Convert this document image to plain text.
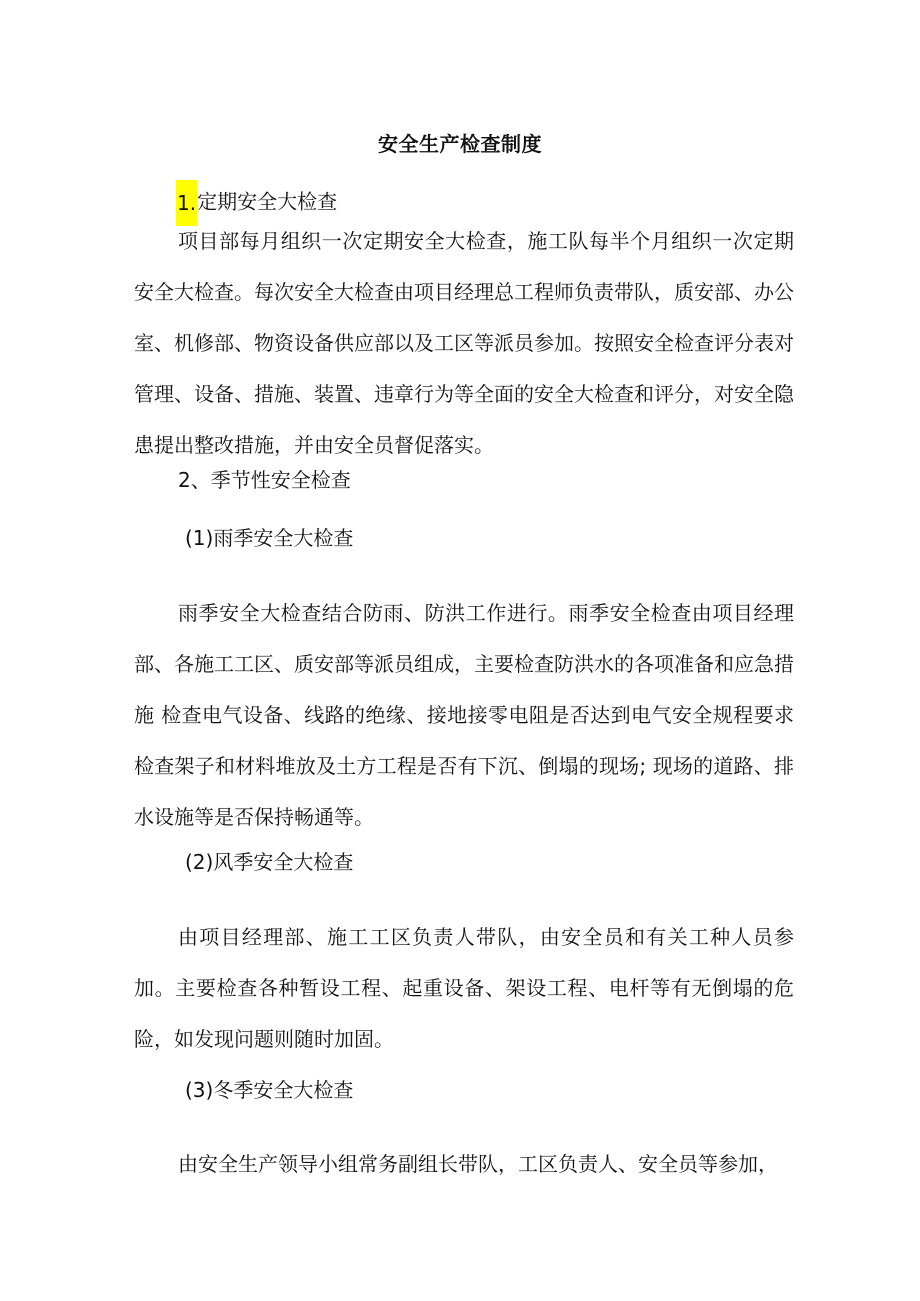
安全生产检查制度
1.定期安全大检查

项目部每月组织一次定期安全大检查，施工队每半个月组织一次定期安全大检查。每次安全大检查由项目经理总工程师负责带队，质安部、办公室、机修部、物资设备供应部以及工区等派员参加。按照安全检查评分表对管理、设备、措施、装置、违章行为等全面的安全大检查和评分，对安全隐患提出整改措施，并由安全员督促落实。

2、季节性安全检查
(1)雨季安全大检查

雨季安全大检查结合防雨、防洪工作进行。雨季安全检查由项目经理部、各施工工区、质安部等派员组成，主要检查防洪水的各项准备和应急措施 检查电气设备、线路的绝缘、接地接零电阻是否达到电气安全规程要求 检查架子和材料堆放及土方工程是否有下沉、倒塌的现场; 现场的道路、排水设施等是否保持畅通等。

(2)风季安全大检查

由项目经理部、施工工区负责人带队，由安全员和有关工种人员参加。主要检查各种暂设工程、起重设备、架设工程、电杆等有无倒塌的危险，如发现问题则随时加固。

(3)冬季安全大检查

由安全生产领导小组常务副组长带队，工区负责人、安全员等参加，
